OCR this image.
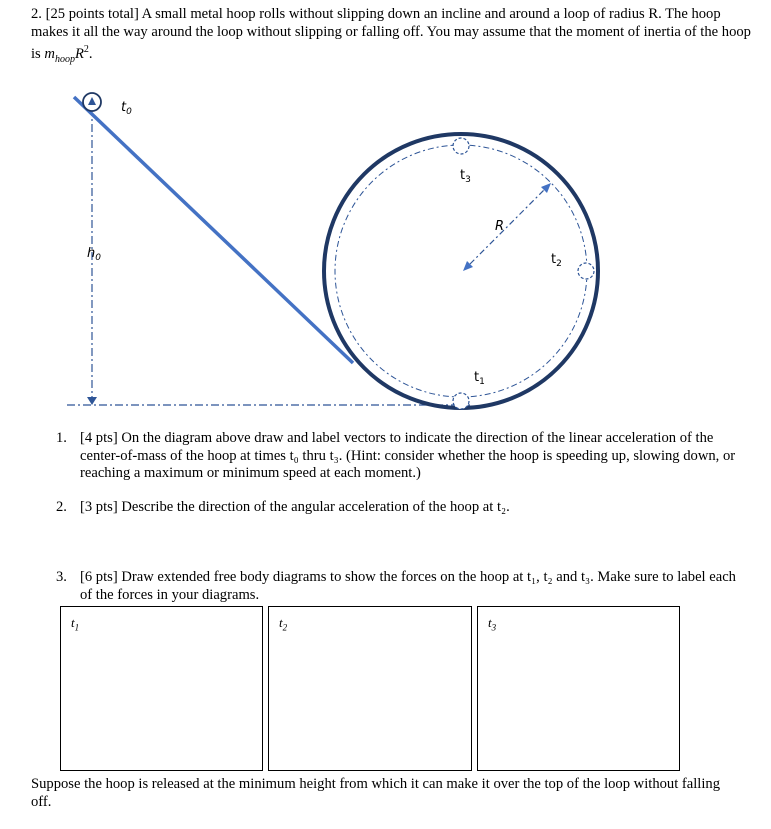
2. [25 points total] A small metal hoop rolls without slipping down an incline and around a loop of radius R. The hoop makes it all the way around the loop without slipping or falling off. You may assume that the moment of inertia of the hoop is $m_{hoop}R^2$.

$t_0$
$h_0$
$t_3$
R
$t_2$
$t_1$
1. [4 pts] On the diagram above draw and label vectors to indicate the direction of the linear acceleration of the center-of-mass of the hoop at times t₀ thru t₃. (Hint: consider whether the hoop is speeding up, slowing down, or reaching a maximum or minimum speed at each moment.)
2. [3 pts] Describe the direction of the angular acceleration of the hoop at t₂.
3. [6 pts] Draw extended free body diagrams to show the forces on the hoop at t₁, t₂ and t₃. Make sure to label each of the forces in your diagrams.
$t_1$	$t_2$	$t_3$
Suppose the hoop is released at the minimum height from which it can make it over the top of the loop without falling off.
